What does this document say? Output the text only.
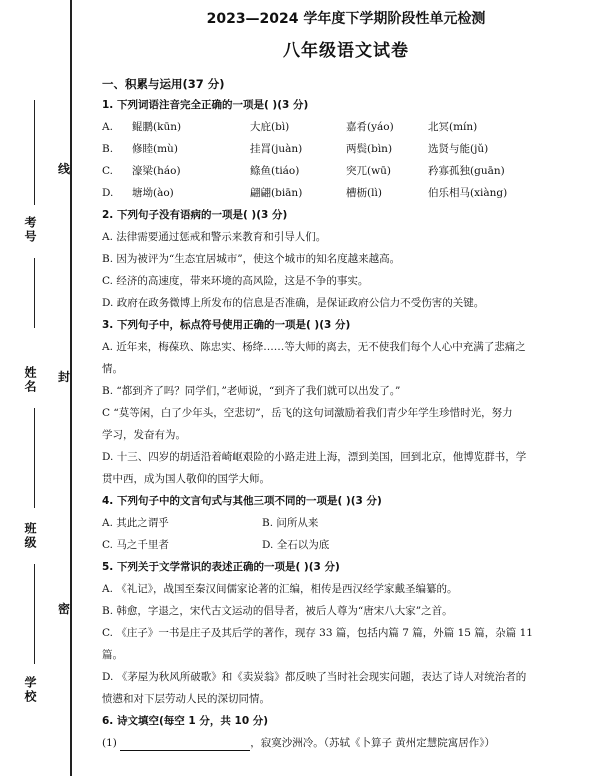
线
封
密
考号
姓名
班级
学校
2023—2024 学年度下学期阶段性单元检测
八年级语文试卷
一、积累与运用(37 分)
1. 下列词语注音完全正确的一项是( )(3 分)
A.	鲲鹏(kūn)	大庇(bì)	嘉肴(yáo)	北冥(mín)
B.	修睦(mù)	挂罥(juàn)	两鬓(bìn)	选贤与能(jǔ)
C.	濠梁(háo)	鲦鱼(tiáo)	突兀(wū)	矜寡孤独(guān)
D.	塘坳(ào)	翩翩(biān)	槽枥(lì)	伯乐相马(xiàng)
2. 下列句子没有语病的一项是( )(3 分)
A. 法律需要通过惩戒和警示来教育和引导人们。
B. 因为被评为“生态宜居城市”，使这个城市的知名度越来越高。
C. 经济的高速度，带来环境的高风险，这是不争的事实。
D. 政府在政务微博上所发布的信息是否准确，是保证政府公信力不受伤害的关键。
3. 下列句子中，标点符号使用正确的一项是( )(3 分)
A. 近年来，梅葆玖、陈忠实、杨绛……等大师的离去，无不使我们每个人心中充满了悲痛之
情。
B. “都到齐了吗？同学们，”老师说，“到齐了我们就可以出发了。”
C “莫等闲，白了少年头，空悲切”，岳飞的这句词激励着我们青少年学生珍惜时光，努力
学习，发奋有为。
D. 十三、四岁的胡适沿着崎岖艰险的小路走进上海，漂到美国，回到北京，他博览群书，学
贯中西，成为国人敬仰的国学大师。
4. 下列句子中的文言句式与其他三项不同的一项是( )(3 分)
A. 其此之谓乎	B. 问所从来
C. 马之千里者	D. 全石以为底
5. 下列关于文学常识的表述正确的一项是( )(3 分)
A. 《礼记》，战国至秦汉间儒家论著的汇编，相传是西汉经学家戴圣编纂的。
B. 韩愈，字退之，宋代古文运动的倡导者，被后人尊为“唐宋八大家”之首。
C. 《庄子》一书是庄子及其后学的著作，现存 33 篇，包括内篇 7 篇，外篇 15 篇，杂篇 11
篇。
D. 《茅屋为秋风所破歌》和《卖炭翁》都反映了当时社会现实问题，表达了诗人对统治者的
愤懑和对下层劳动人民的深切同情。
6. 诗文填空(每空 1 分，共 10 分)
(1)	，寂寞沙洲冷。（苏轼《卜算子 黄州定慧院寓居作》）
